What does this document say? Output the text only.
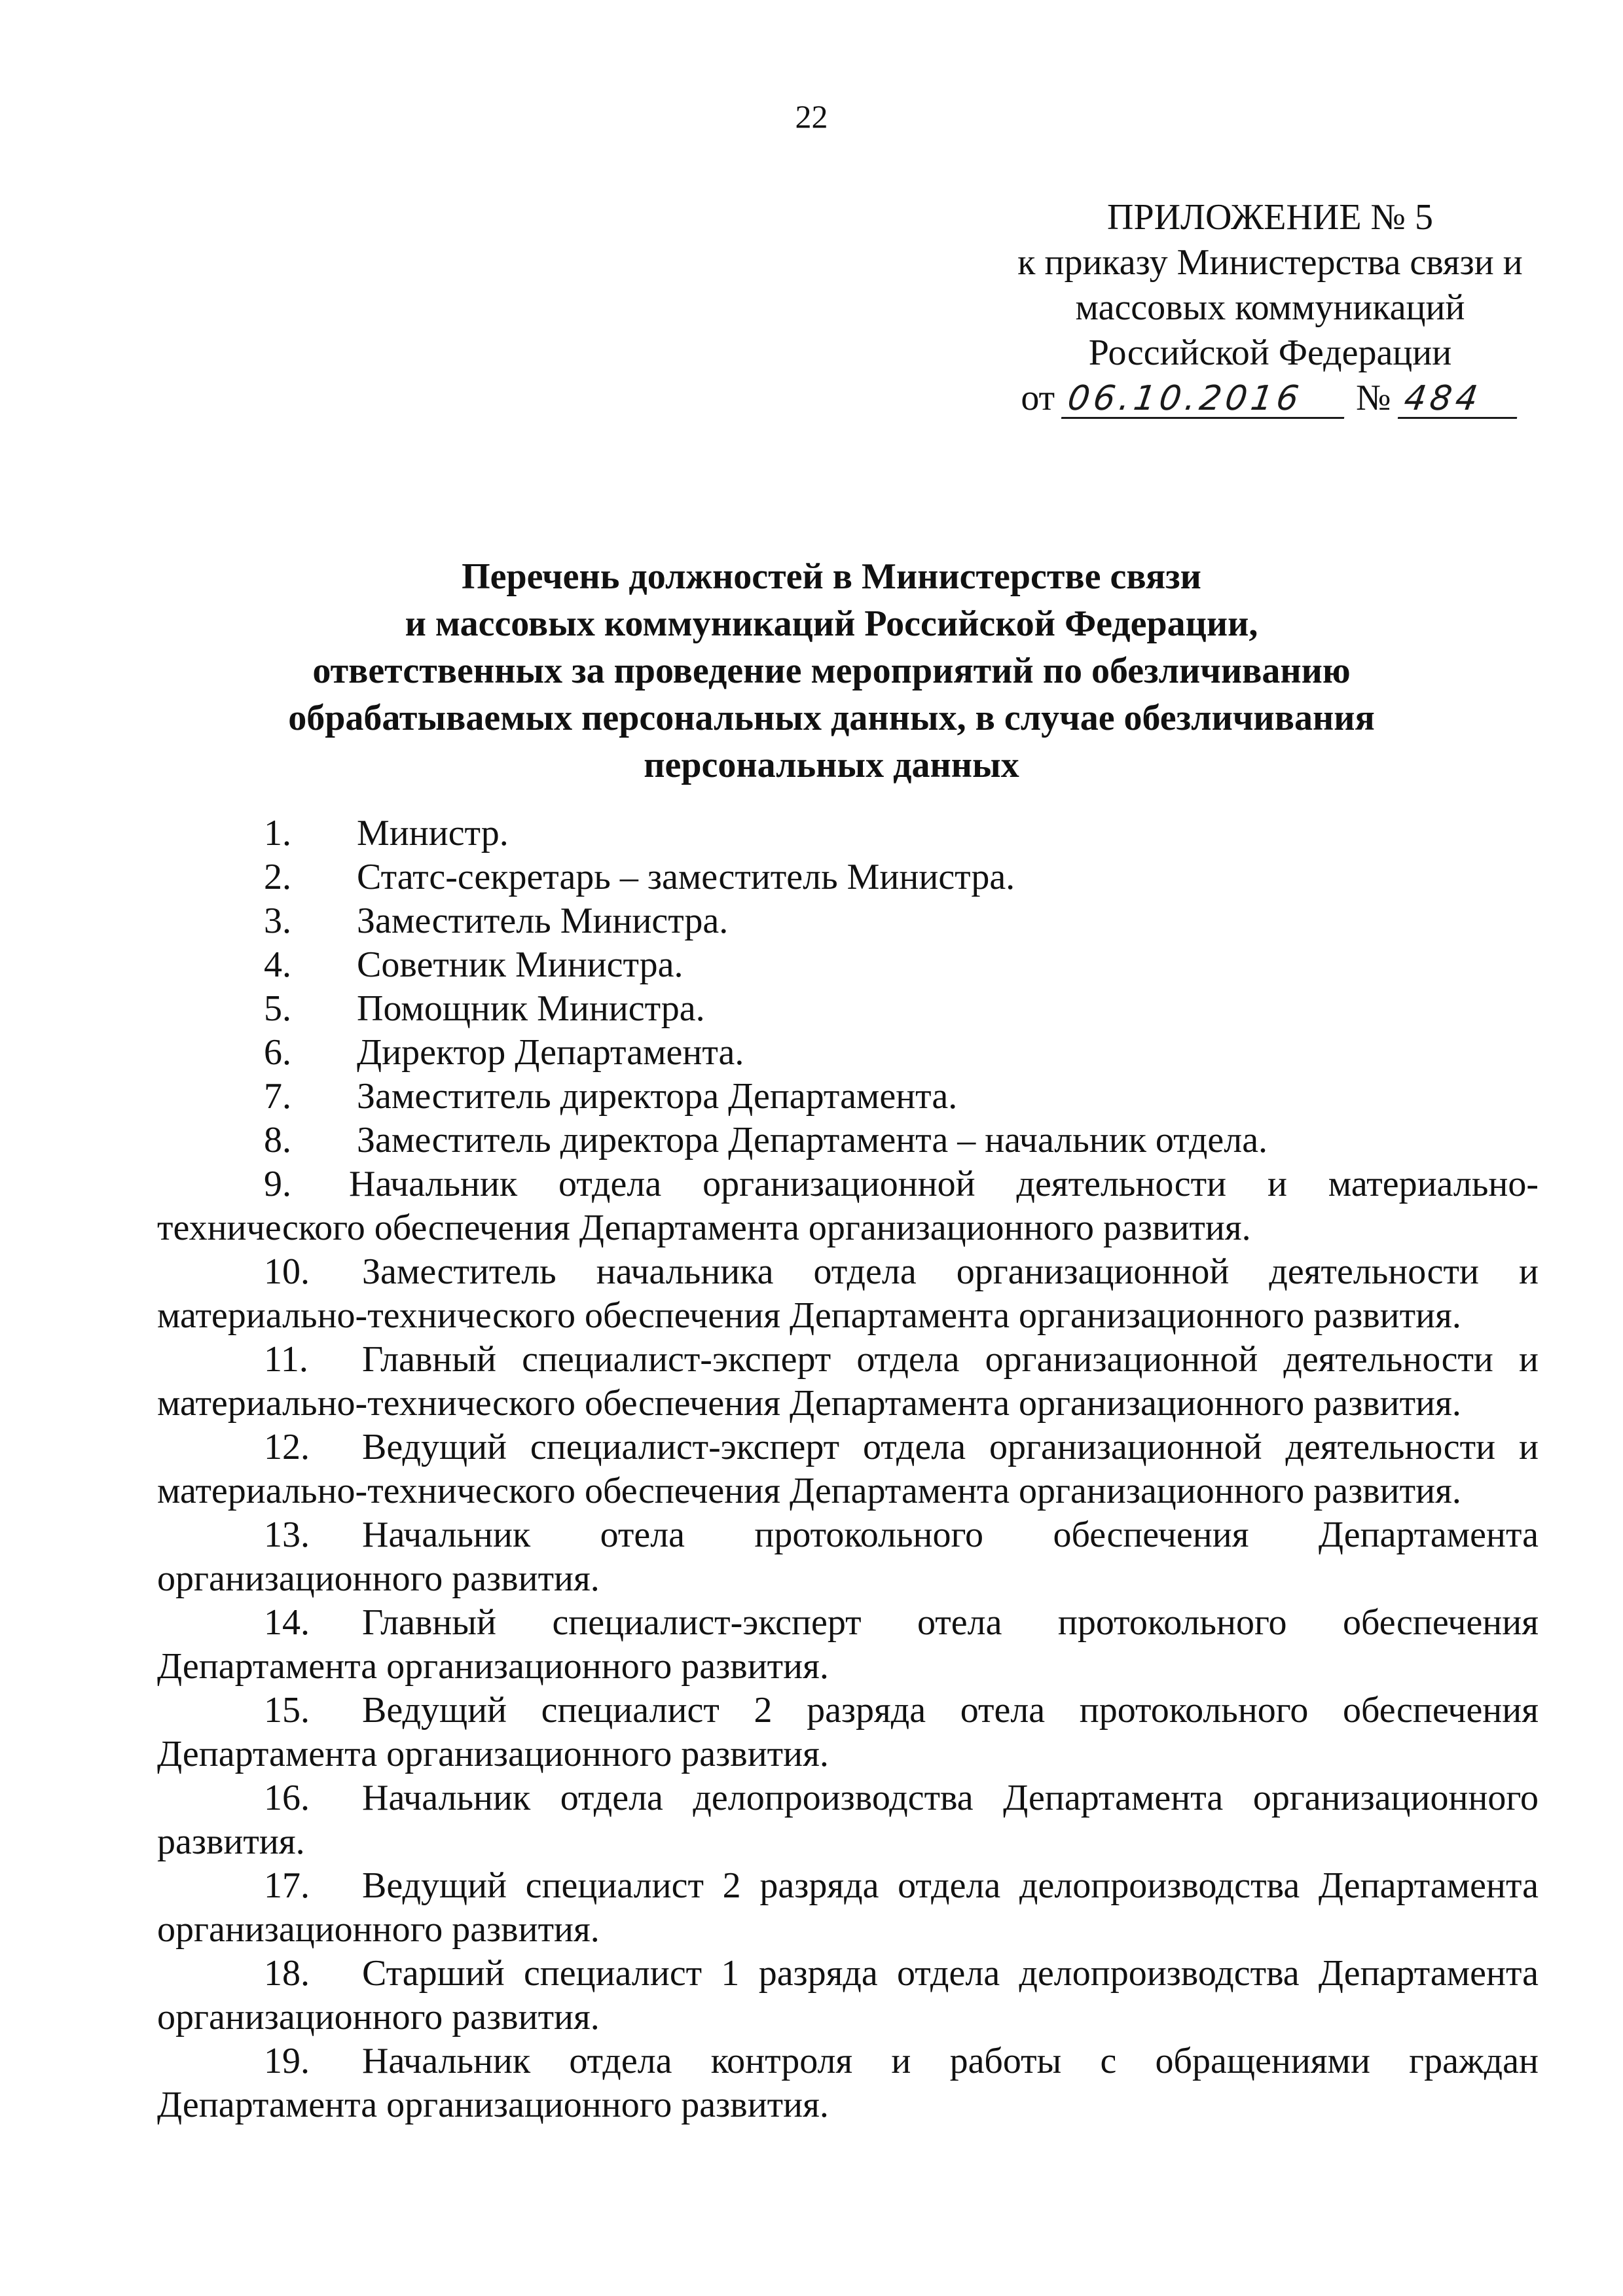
22
ПРИЛОЖЕНИЕ № 5
к приказу Министерства связи и
массовых коммуникаций
Российской Федерации
от 06.10.2016 № 484
Перечень должностей в Министерстве связи
и массовых коммуникаций Российской Федерации,
ответственных за проведение мероприятий по обезличиванию
обрабатываемых персональных данных, в случае обезличивания
персональных данных
1. Министр.
2. Статс-секретарь – заместитель Министра.
3. Заместитель Министра.
4. Советник Министра.
5. Помощник Министра.
6. Директор Департамента.
7. Заместитель директора Департамента.
8. Заместитель директора Департамента – начальник отдела.
9. Начальник отдела организационной деятельности и материально-технического обеспечения Департамента организационного развития.
10. Заместитель начальника отдела организационной деятельности и материально-технического обеспечения Департамента организационного развития.
11. Главный специалист-эксперт отдела организационной деятельности и материально-технического обеспечения Департамента организационного развития.
12. Ведущий специалист-эксперт отдела организационной деятельности и материально-технического обеспечения Департамента организационного развития.
13. Начальник отела протокольного обеспечения Департамента организационного развития.
14. Главный специалист-эксперт отела протокольного обеспечения Департамента организационного развития.
15. Ведущий специалист 2 разряда отела протокольного обеспечения Департамента организационного развития.
16. Начальник отдела делопроизводства Департамента организационного развития.
17. Ведущий специалист 2 разряда отдела делопроизводства Департамента организационного развития.
18. Старший специалист 1 разряда отдела делопроизводства Департамента организационного развития.
19. Начальник отдела контроля и работы с обращениями граждан Департамента организационного развития.
